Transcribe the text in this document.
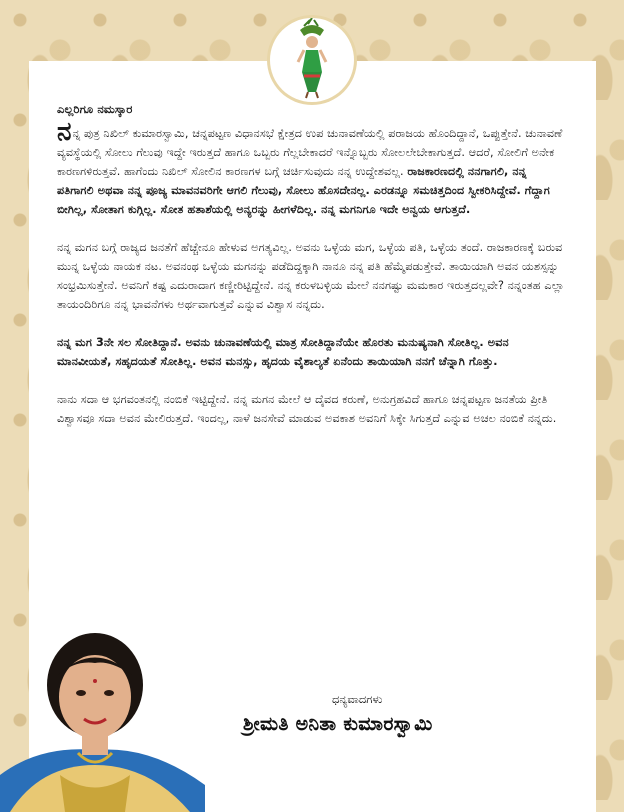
ಎಲ್ಲರಿಗೂ ನಮಸ್ಕಾರ

ನನ್ನ ಪುತ್ರ ನಿಖಿಲ್ ಕುಮಾರಸ್ವಾಮಿ, ಚನ್ನಪಟ್ಟಣ ವಿಧಾನಸಭೆ ಕ್ಷೇತ್ರದ ಉಪ ಚುನಾವಣೆಯಲ್ಲಿ ಪರಾಜಯ ಹೊಂದಿದ್ದಾನೆ, ಒಪ್ಪುತ್ತೇನೆ. ಚುನಾವಣೆ ವ್ಯವಸ್ಥೆಯಲ್ಲಿ ಸೋಲು ಗೆಲುವು ಇದ್ದೇ ಇರುತ್ತದೆ ಹಾಗೂ ಒಬ್ಬರು ಗೆಲ್ಲಬೇಕಾದರೆ ಇನ್ನೊಬ್ಬರು ಸೋಲಲೇಬೇಕಾಗುತ್ತದೆ. ಆದರೆ, ಸೋಲಿಗೆ ಅನೇಕ ಕಾರಣಗಳಿರುತ್ತವೆ. ಹಾಗೆಂದು ನಿಖಿಲ್ ಸೋಲಿನ ಕಾರಣಗಳ ಬಗ್ಗೆ ಚರ್ಚಿಸುವುದು ನನ್ನ ಉದ್ದೇಶವಲ್ಲ. ರಾಜಕಾರಣದಲ್ಲಿ ನನಗಾಗಲಿ, ನನ್ನ ಪತಿಗಾಗಲಿ ಅಥವಾ ನನ್ನ ಪೂಜ್ಯ ಮಾವನವರಿಗೇ ಆಗಲಿ ಗೆಲುವು, ಸೋಲು ಹೊಸದೇನಲ್ಲ. ಎರಡನ್ನೂ ಸಮಚಿತ್ತದಿಂದ ಸ್ವೀಕರಿಸಿದ್ದೇವೆ. ಗೆದ್ದಾಗ ಬೀಗಿಲ್ಲ, ಸೋತಾಗ ಕುಗ್ಗಿಲ್ಲ. ಸೋತ ಹತಾಶೆಯಲ್ಲಿ ಅನ್ಯರನ್ನು ಹೀಗಳೆದಿಲ್ಲ. ನನ್ನ ಮಗನಿಗೂ ಇದೇ ಅನ್ವಯ ಆಗುತ್ತದೆ.

ನನ್ನ ಮಗನ ಬಗ್ಗೆ ರಾಜ್ಯದ ಜನತೆಗೆ ಹೆಚ್ಚೇನೂ ಹೇಳುವ ಅಗತ್ಯವಿಲ್ಲ. ಅವನು ಒಳ್ಳೆಯ ಮಗ, ಒಳ್ಳೆಯ ಪತಿ, ಒಳ್ಳೆಯ ತಂದೆ. ರಾಜಕಾರಣಕ್ಕೆ ಬರುವ ಮುನ್ನ ಒಳ್ಳೆಯ ನಾಯಕ ನಟ. ಅವನಂಥ ಒಳ್ಳೆಯ ಮಗನನ್ನು ಪಡೆದಿದ್ದಕ್ಕಾಗಿ ನಾನೂ ನನ್ನ ಪತಿ ಹೆಮ್ಮೆಪಡುತ್ತೇವೆ. ತಾಯಿಯಾಗಿ ಅವನ ಯಶಸ್ಸನ್ನು ಸಂಭ್ರಮಿಸುತ್ತೇನೆ. ಅವನಿಗೆ ಕಷ್ಟ ಎದುರಾದಾಗ ಕಣ್ಣೀರಿಟ್ಟಿದ್ದೇನೆ. ನನ್ನ ಕರುಳಬಳ್ಳಿಯ ಮೇಲೆ ನನಗಷ್ಟು ಮಮಕಾರ ಇರುತ್ತದಲ್ಲವೇ? ನನ್ನಂತಹ ಎಲ್ಲಾ ತಾಯಂದಿರಿಗೂ ನನ್ನ ಭಾವನೆಗಳು ಅರ್ಥವಾಗುತ್ತವೆ ಎನ್ನುವ ವಿಶ್ವಾಸ ನನ್ನದು.

ನನ್ನ ಮಗ 3ನೇ ಸಲ ಸೋತಿದ್ದಾನೆ. ಅವನು ಚುನಾವಣೆಯಲ್ಲಿ ಮಾತ್ರ ಸೋತಿದ್ದಾನೆಯೇ ಹೊರತು ಮನುಷ್ಯನಾಗಿ ಸೋತಿಲ್ಲ. ಅವನ ಮಾನವೀಯತೆ, ಸಹೃದಯತೆ ಸೋತಿಲ್ಲ. ಅವನ ಮನಸ್ಸು, ಹೃದಯ ವೈಶಾಲ್ಯತೆ ಏನೆಂದು ತಾಯಿಯಾಗಿ ನನಗೆ ಚೆನ್ನಾಗಿ ಗೊತ್ತು.

ನಾನು ಸದಾ ಆ ಭಗವಂತನಲ್ಲಿ ನಂಬಿಕೆ ಇಟ್ಟಿದ್ದೇನೆ. ನನ್ನ ಮಗನ ಮೇಲೆ ಆ ದೈವದ ಕರುಣೆ, ಅನುಗ್ರಹವಿದೆ ಹಾಗೂ ಚನ್ನಪಟ್ಟಣ ಜನತೆಯ ಪ್ರೀತಿ ವಿಶ್ವಾಸವೂ ಸದಾ ಅವನ ಮೇಲಿರುತ್ತದೆ. ಇಂದಲ್ಲ, ನಾಳೆ ಜನಸೇವೆ ಮಾಡುವ ಅವಕಾಶ ಅವನಿಗೆ ಸಿಕ್ಕೇ ಸಿಗುತ್ತದೆ ಎನ್ನುವ ಅಚಲ ನಂಬಿಕೆ ನನ್ನದು.

ಧನ್ಯವಾದಗಳು
ಶ್ರೀಮತಿ ಅನಿತಾ ಕುಮಾರಸ್ವಾಮಿ
